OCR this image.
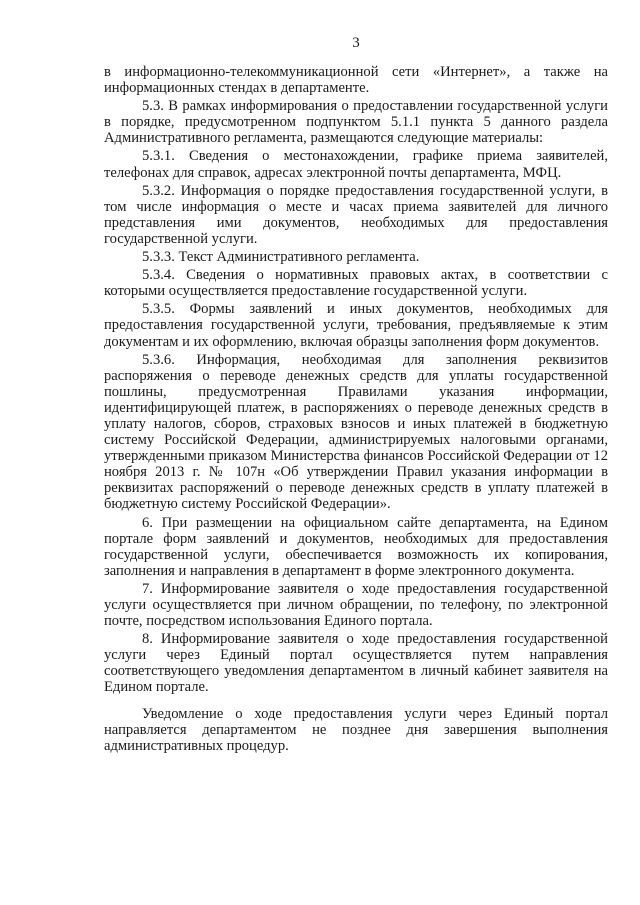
3

в информационно-телекоммуникационной сети «Интернет», а также на информационных стендах в департаменте.

5.3. В рамках информирования о предоставлении государственной услуги в порядке, предусмотренном подпунктом 5.1.1 пункта 5 данного раздела Административного регламента, размещаются следующие материалы:

5.3.1. Сведения о местонахождении, графике приема заявителей, телефонах для справок, адресах электронной почты департамента, МФЦ.

5.3.2. Информация о порядке предоставления государственной услуги, в том числе информация о месте и часах приема заявителей для личного представления ими документов, необходимых для предоставления государственной услуги.

5.3.3. Текст Административного регламента.

5.3.4. Сведения о нормативных правовых актах, в соответствии с которыми осуществляется предоставление государственной услуги.

5.3.5. Формы заявлений и иных документов, необходимых для предоставления государственной услуги, требования, предъявляемые к этим документам и их оформлению, включая образцы заполнения форм документов.

5.3.6. Информация, необходимая для заполнения реквизитов распоряжения о переводе денежных средств для уплаты государственной пошлины, предусмотренная Правилами указания информации, идентифицирующей платеж, в распоряжениях о переводе денежных средств в уплату налогов, сборов, страховых взносов и иных платежей в бюджетную систему Российской Федерации, администрируемых налоговыми органами, утвержденными приказом Министерства финансов Российской Федерации от 12 ноября 2013 г. № 107н «Об утверждении Правил указания информации в реквизитах распоряжений о переводе денежных средств в уплату платежей в бюджетную систему Российской Федерации».

6. При размещении на официальном сайте департамента, на Едином портале форм заявлений и документов, необходимых для предоставления государственной услуги, обеспечивается возможность их копирования, заполнения и направления в департамент в форме электронного документа.

7. Информирование заявителя о ходе предоставления государственной услуги осуществляется при личном обращении, по телефону, по электронной почте, посредством использования Единого портала.

8. Информирование заявителя о ходе предоставления государственной услуги через Единый портал осуществляется путем направления соответствующего уведомления департаментом в личный кабинет заявителя на Едином портале.

Уведомление о ходе предоставления услуги через Единый портал направляется департаментом не позднее дня завершения выполнения административных процедур.
